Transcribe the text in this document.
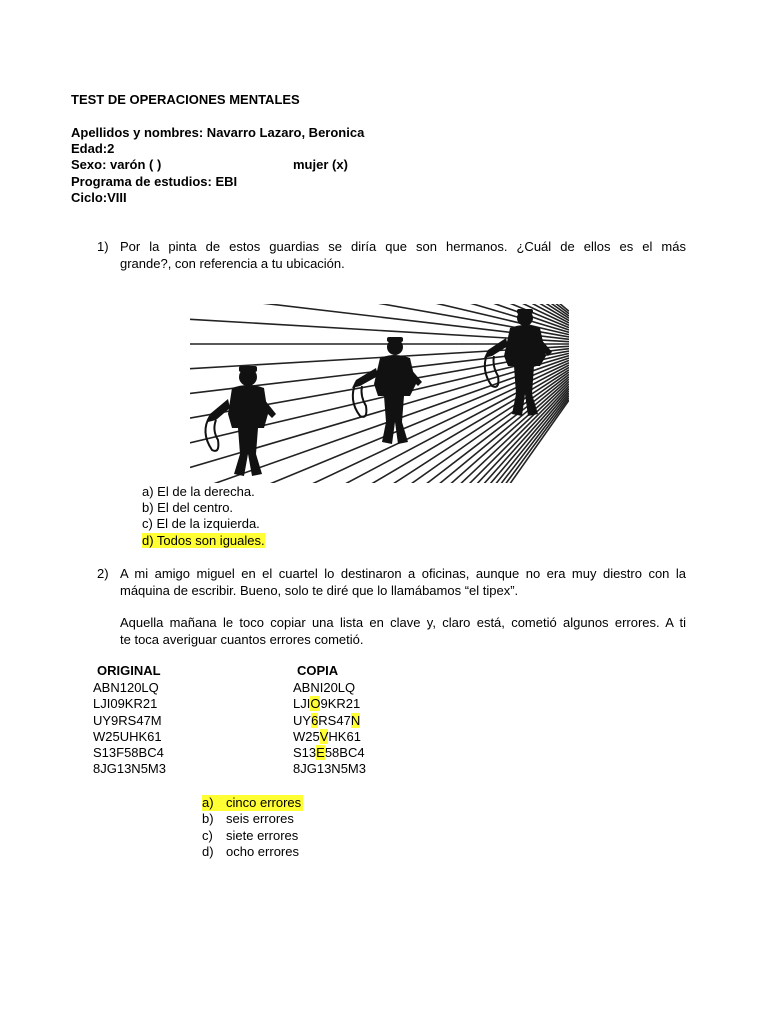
TEST DE OPERACIONES MENTALES
Apellidos y nombres: Navarro Lazaro, Beronica
Edad:2
Sexo: varón ( )	mujer (x)
Programa de estudios: EBI
Ciclo:VIII
1) Por la pinta de estos guardias se diría que son hermanos. ¿Cuál de ellos es el más
grande?, con referencia a tu ubicación.
a) El de la derecha.
b) El del centro.
c) El de la izquierda.
d) Todos son iguales.
2) A mi amigo miguel en el cuartel lo destinaron a oficinas, aunque no era muy diestro con la
máquina de escribir. Bueno, solo te diré que lo llamábamos “el tipex”.
Aquella mañana le toco copiar una lista en clave y, claro está, cometió algunos errores. A ti
te toca averiguar cuantos errores cometió.
ORIGINAL	COPIA
ABN120LQ
LJI09KR21
UY9RS47M
W25UHK61
S13F58BC4
8JG13N5M3
ABNI20LQ
LJIO9KR21
UY6RS47N
W25VHK61
S13E58BC4
8JG13N5M3
a) cinco errores
b) seis errores
c) siete errores
d) ocho errores
